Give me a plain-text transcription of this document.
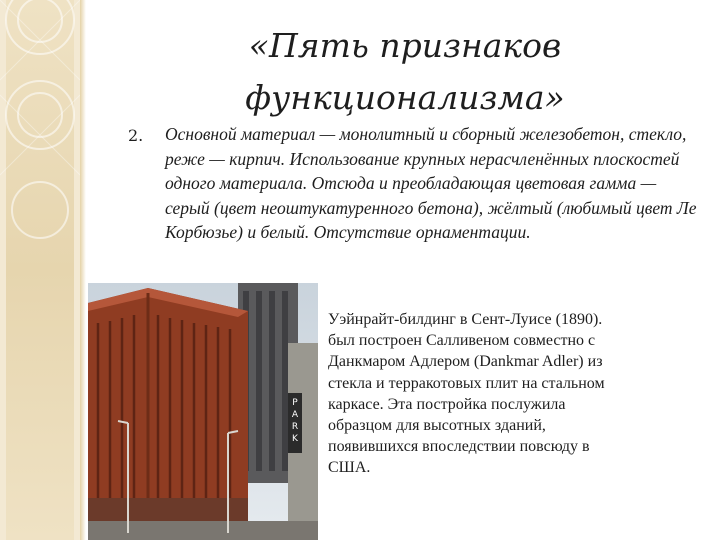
«Пять признаков функционализма»
2. Основной материал — монолитный и сборный железобетон, стекло, реже — кирпич. Использование крупных нерасчленённых плоскостей одного материала. Отсюда и преобладающая цветовая гамма — серый (цвет неоштукатуренного бетона), жёлтый (любимый цвет Ле Корбюзье) и белый. Отсутствие орнаментации.
P
A
R
K
Уэйнрайт-билдинг в Сент-Луисе (1890). был построен Салливеном совместно с Данкмаром Адлером (Dankmar Adler) из стекла и терракотовых плит на стальном каркасе. Эта постройка послужила образцом для высотных зданий, появившихся впоследствии повсюду в США.
